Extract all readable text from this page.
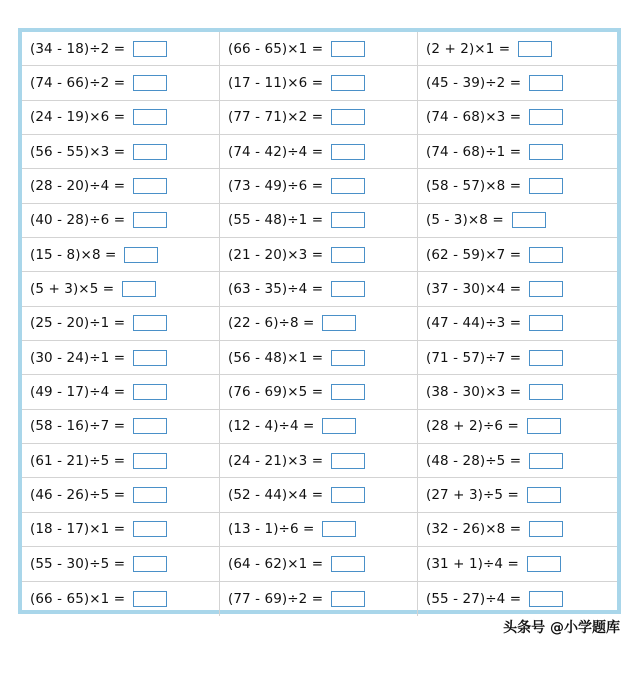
(34 - 18)÷2 =	(66 - 65)×1 =	(2 + 2)×1 =
(74 - 66)÷2 =	(17 - 11)×6 =	(45 - 39)÷2 =
(24 - 19)×6 =	(77 - 71)×2 =	(74 - 68)×3 =
(56 - 55)×3 =	(74 - 42)÷4 =	(74 - 68)÷1 =
(28 - 20)÷4 =	(73 - 49)÷6 =	(58 - 57)×8 =
(40 - 28)÷6 =	(55 - 48)÷1 =	(5 - 3)×8 =
(15 - 8)×8 =	(21 - 20)×3 =	(62 - 59)×7 =
(5 + 3)×5 =	(63 - 35)÷4 =	(37 - 30)×4 =
(25 - 20)÷1 =	(22 - 6)÷8 =	(47 - 44)÷3 =
(30 - 24)÷1 =	(56 - 48)×1 =	(71 - 57)÷7 =
(49 - 17)÷4 =	(76 - 69)×5 =	(38 - 30)×3 =
(58 - 16)÷7 =	(12 - 4)÷4 =	(28 + 2)÷6 =
(61 - 21)÷5 =	(24 - 21)×3 =	(48 - 28)÷5 =
(46 - 26)÷5 =	(52 - 44)×4 =	(27 + 3)÷5 =
(18 - 17)×1 =	(13 - 1)÷6 =	(32 - 26)×8 =
(55 - 30)÷5 =	(64 - 62)×1 =	(31 + 1)÷4 =
(66 - 65)×1 =	(77 - 69)÷2 =	(55 - 27)÷4 =
头条号 @小学题库
